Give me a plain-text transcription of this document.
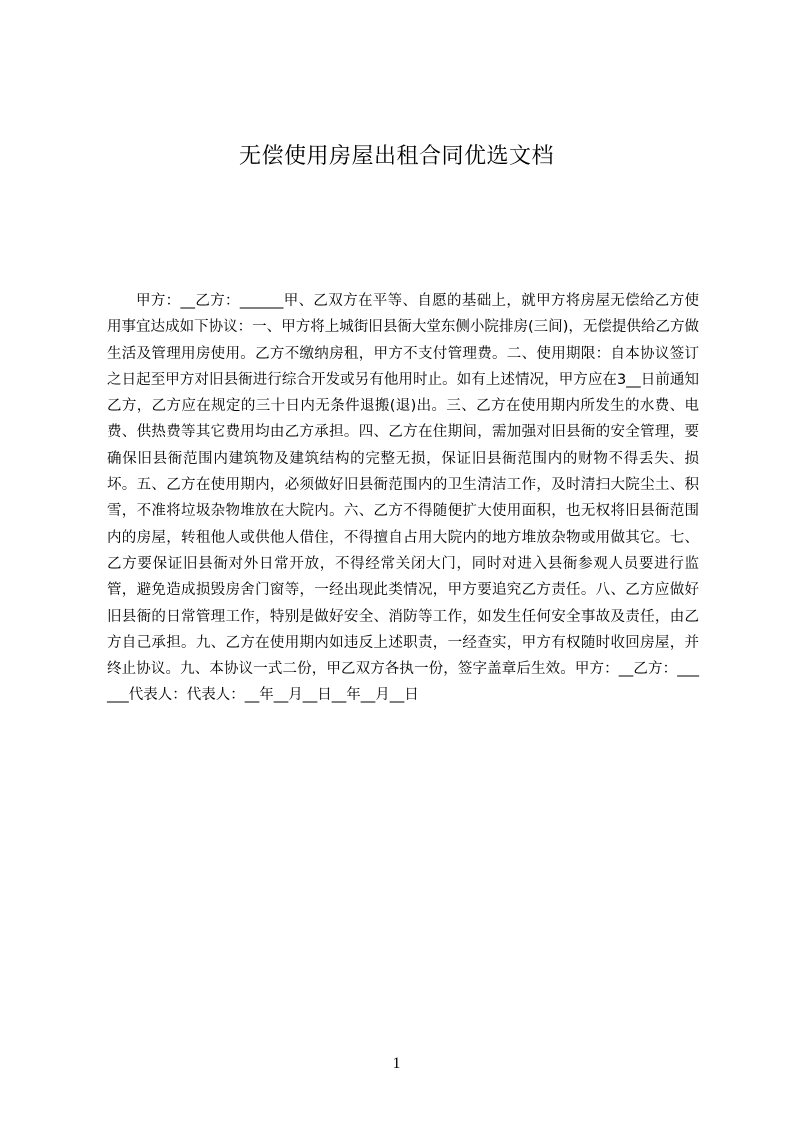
无偿使用房屋出租合同优选文档

甲方：__乙方：______甲、乙双方在平等、自愿的基础上，就甲方将房屋无偿给乙方使用事宜达成如下协议：一、甲方将上城街旧县衙大堂东侧小院排房(三间)，无偿提供给乙方做生活及管理用房使用。乙方不缴纳房租，甲方不支付管理费。二、使用期限：自本协议签订之日起至甲方对旧县衙进行综合开发或另有他用时止。如有上述情况，甲方应在3__日前通知乙方，乙方应在规定的三十日内无条件退搬(退)出。三、乙方在使用期内所发生的水费、电费、供热费等其它费用均由乙方承担。四、乙方在住期间，需加强对旧县衙的安全管理，要确保旧县衙范围内建筑物及建筑结构的完整无损，保证旧县衙范围内的财物不得丢失、损坏。五、乙方在使用期内，必须做好旧县衙范围内的卫生清洁工作，及时清扫大院尘土、积雪，不准将垃圾杂物堆放在大院内。六、乙方不得随便扩大使用面积，也无权将旧县衙范围内的房屋，转租他人或供他人借住，不得擅自占用大院内的地方堆放杂物或用做其它。七、乙方要保证旧县衙对外日常开放，不得经常关闭大门，同时对进入县衙参观人员要进行监管，避免造成损毁房舍门窗等，一经出现此类情况，甲方要追究乙方责任。八、乙方应做好旧县衙的日常管理工作，特别是做好安全、消防等工作，如发生任何安全事故及责任，由乙方自己承担。九、乙方在使用期内如违反上述职责，一经查实，甲方有权随时收回房屋，并终止协议。九、本协议一式二份，甲乙双方各执一份，签字盖章后生效。甲方：__乙方：______代表人：代表人：__年__月__日__年__月__日

1
